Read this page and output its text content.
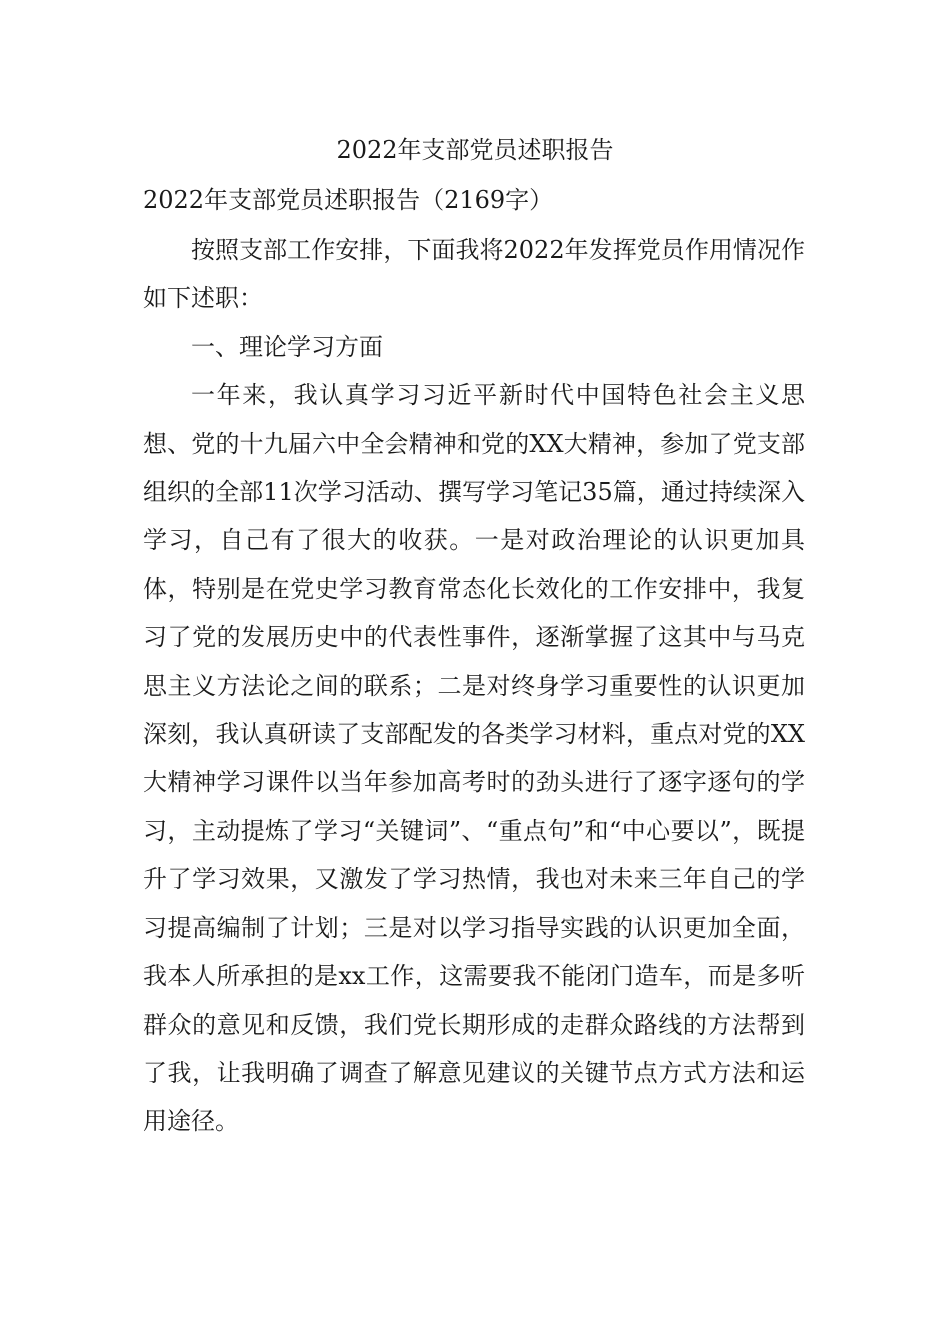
2022年支部党员述职报告
2022年支部党员述职报告（2169字）

按照支部工作安排，下面我将2022年发挥党员作用情况作如下述职：

一、理论学习方面

一年来，我认真学习习近平新时代中国特色社会主义思想、党的十九届六中全会精神和党的XX大精神，参加了党支部组织的全部11次学习活动、撰写学习笔记35篇，通过持续深入学习，自己有了很大的收获。一是对政治理论的认识更加具体，特别是在党史学习教育常态化长效化的工作安排中，我复习了党的发展历史中的代表性事件，逐渐掌握了这其中与马克思主义方法论之间的联系；二是对终身学习重要性的认识更加深刻，我认真研读了支部配发的各类学习材料，重点对党的XX大精神学习课件以当年参加高考时的劲头进行了逐字逐句的学习，主动提炼了学习“关键词”、“重点句”和“中心要以”，既提升了学习效果，又激发了学习热情，我也对未来三年自己的学习提高编制了计划；三是对以学习指导实践的认识更加全面，我本人所承担的是xx工作，这需要我不能闭门造车，而是多听群众的意见和反馈，我们党长期形成的走群众路线的方法帮到了我，让我明确了调查了解意见建议的关键节点方式方法和运用途径。
